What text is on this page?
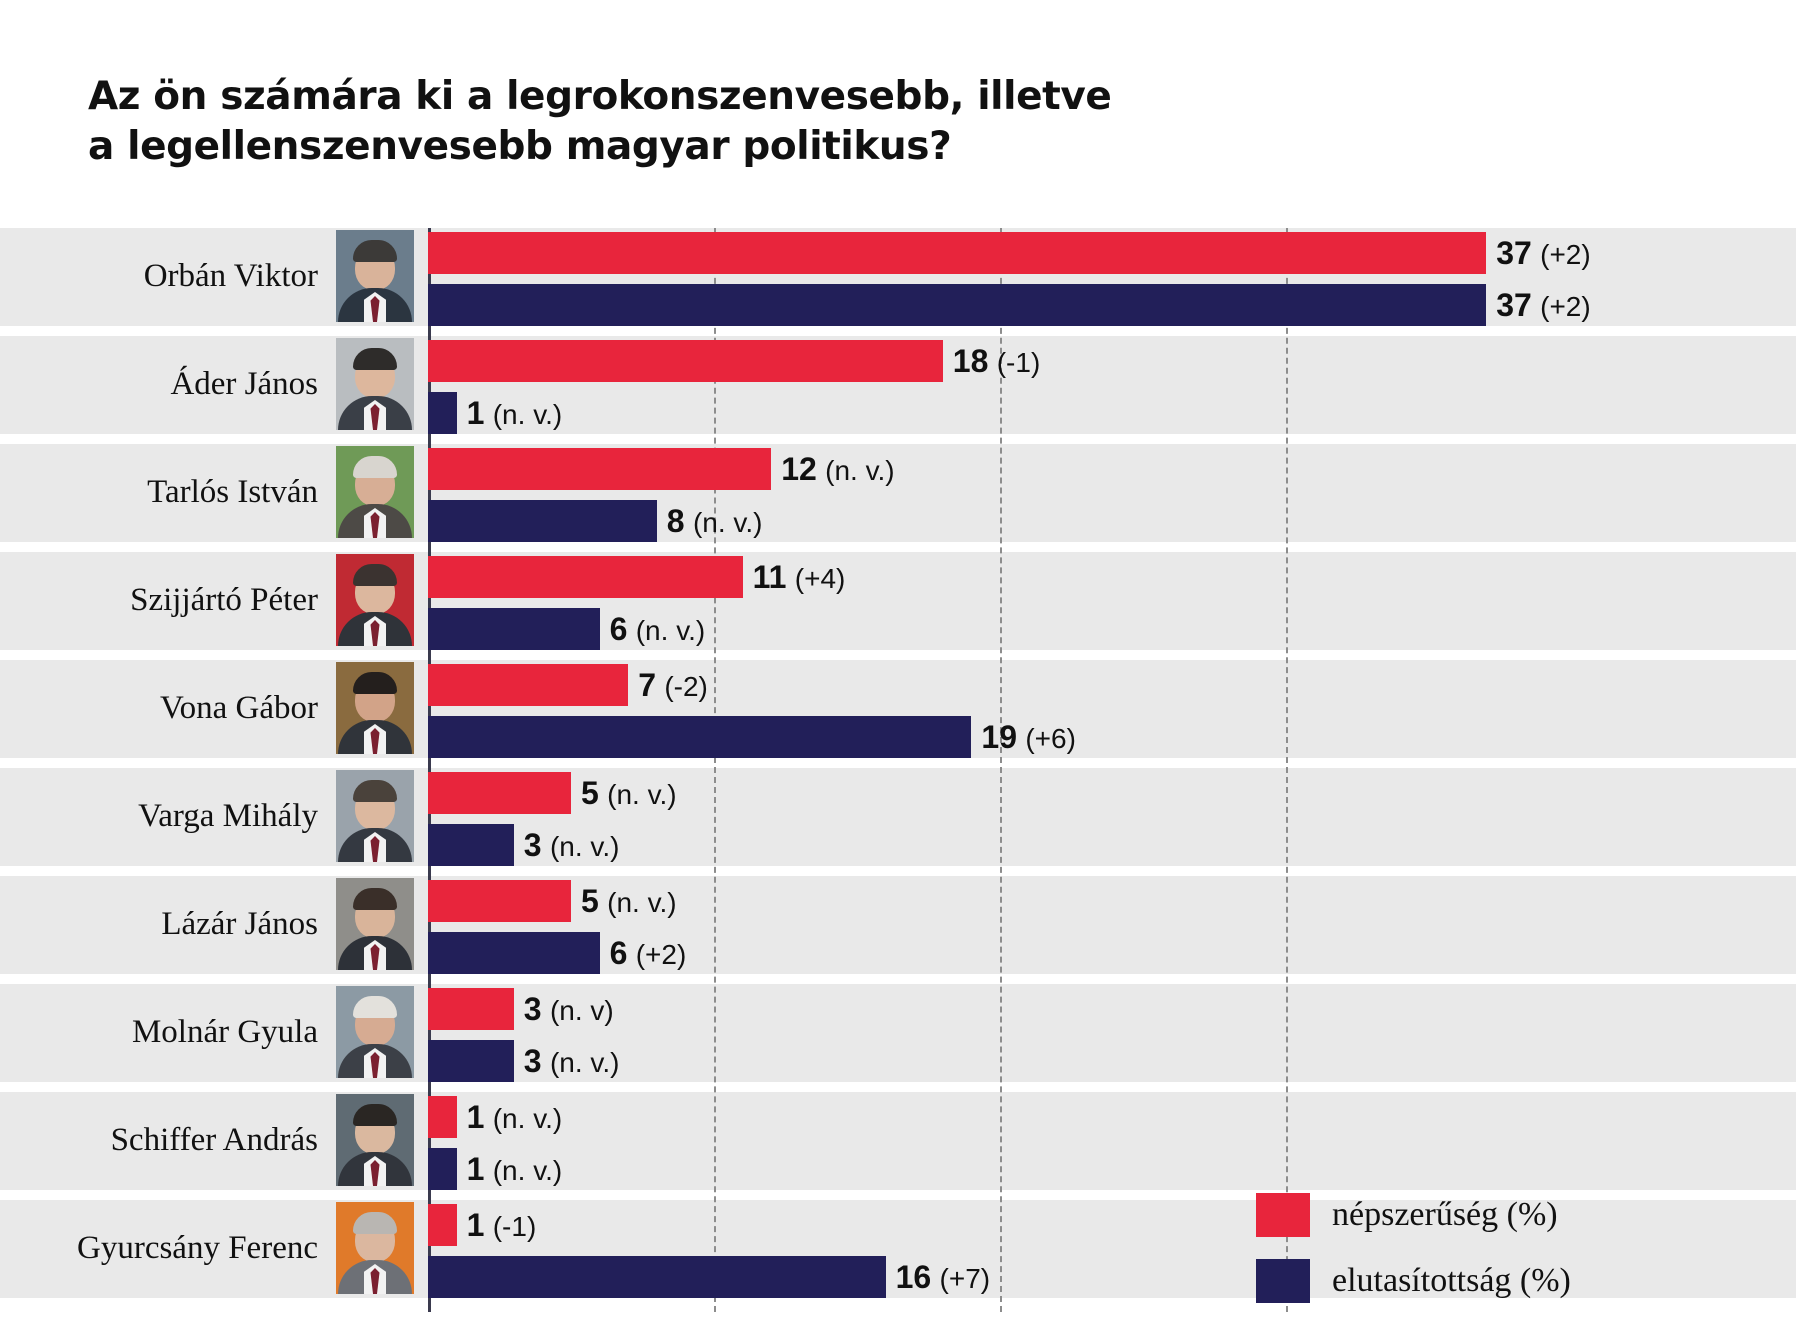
Az ön számára ki a legrokonszenvesebb, illetve
a legellenszenvesebb magyar politikus?
Orbán Viktor
37 (+2)
37 (+2)
Áder János
18 (-1)
1 (n. v.)
Tarlós István
12 (n. v.)
8 (n. v.)
Szijjártó Péter
11 (+4)
6 (n. v.)
Vona Gábor
7 (-2)
19 (+6)
Varga Mihály
5 (n. v.)
3 (n. v.)
Lázár János
5 (n. v.)
6 (+2)
Molnár Gyula
3 (n. v)
3 (n. v.)
Schiffer András
1 (n. v.)
1 (n. v.)
Gyurcsány Ferenc
1 (-1)
16 (+7)
népszerűség (%)
elutasítottság (%)
